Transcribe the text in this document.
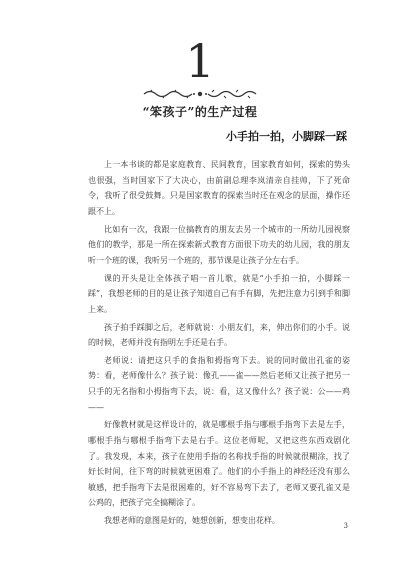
1
“笨孩子”的生产过程
小手拍一拍，小脚踩一踩

上一本书谈的都是家庭教育、民间教育，国家教育如何，探索的势头也很强，当时国家下了大决心，由前副总理李岚清亲自挂帅，下了死命令，我听了很受鼓舞。只是国家教育的探索当时还在观念的层面，操作还跟不上。

比如有一次，我跟一位搞教育的朋友去另一个城市的一所幼儿园视察他们的教学，那是一所在探索新式教育方面很下功夫的幼儿园，我的朋友听一个班的课，我听另一个班的，那节课是让孩子分左右手。

课的开头是让全体孩子唱一首儿歌，就是“小手拍一拍，小脚踩一踩”，我想老师的目的是让孩子知道自己有手有脚，先把注意力引到手和脚上来。

孩子拍手踩脚之后，老师就说：小朋友们，来，伸出你们的小手。说的时候，老师并没有指明左手还是右手。

老师说：请把这只手的食指和拇指弯下去。说的同时做出孔雀的姿势：看，老师像什么？孩子说：像孔——雀——然后老师又让孩子把另一只手的无名指和小拇指弯下去，说：看，这又像什么？孩子说：公——鸡——

好像教材就是这样设计的，就是哪根手指与哪根手指弯下去是左手，哪根手指与哪根手指弯下去是右手。这位老师呢，又把这些东西戏剧化了。我发现，本来，孩子在使用手指的名称找手指的时候就很糊涂，找了好长时间，往下弯的时候就更困难了。他们的小手指上的神经还没有那么敏感，把手指弯下去是很困难的，好不容易弯下去了，老师又要孔雀又是公鸡的，把孩子完全搞糊涂了。

我想老师的意图是好的，她想创新，想变出花样。

3
